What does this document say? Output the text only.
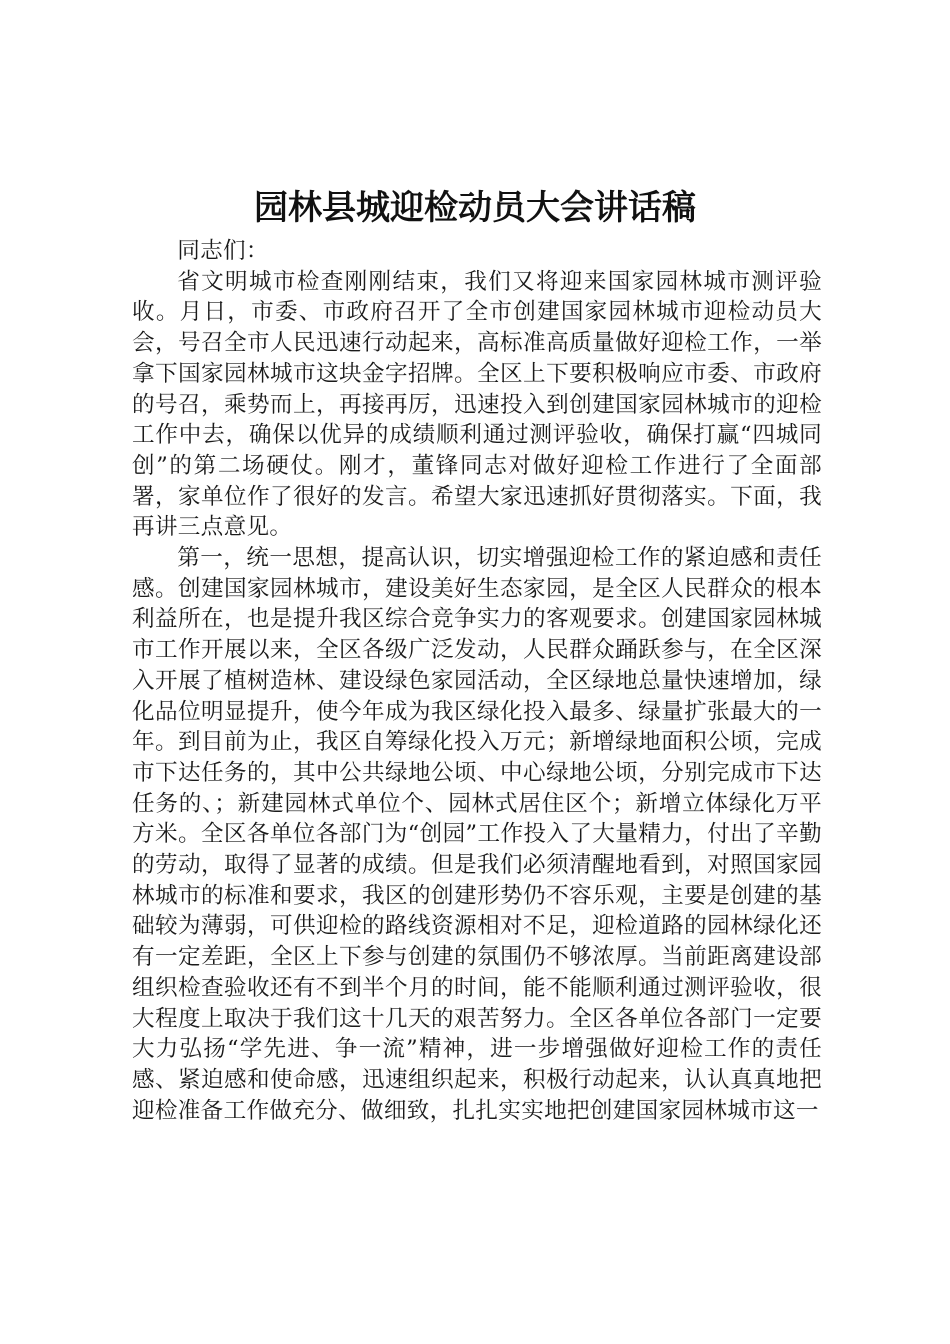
园林县城迎检动员大会讲话稿

同志们：

省文明城市检查刚刚结束，我们又将迎来国家园林城市测评验收。月日，市委、市政府召开了全市创建国家园林城市迎检动员大会，号召全市人民迅速行动起来，高标准高质量做好迎检工作，一举拿下国家园林城市这块金字招牌。全区上下要积极响应市委、市政府的号召，乘势而上，再接再厉，迅速投入到创建国家园林城市的迎检工作中去，确保以优异的成绩顺利通过测评验收，确保打赢“四城同创”的第二场硬仗。刚才，董锋同志对做好迎检工作进行了全面部署，家单位作了很好的发言。希望大家迅速抓好贯彻落实。下面，我再讲三点意见。

第一，统一思想，提高认识，切实增强迎检工作的紧迫感和责任感。创建国家园林城市，建设美好生态家园，是全区人民群众的根本利益所在，也是提升我区综合竞争实力的客观要求。创建国家园林城市工作开展以来，全区各级广泛发动，人民群众踊跃参与，在全区深入开展了植树造林、建设绿色家园活动，全区绿地总量快速增加，绿化品位明显提升，使今年成为我区绿化投入最多、绿量扩张最大的一年。到目前为止，我区自筹绿化投入万元；新增绿地面积公顷，完成市下达任务的，其中公共绿地公顷、中心绿地公顷，分别完成市下达任务的、；新建园林式单位个、园林式居住区个；新增立体绿化万平方米。全区各单位各部门为“创园”工作投入了大量精力，付出了辛勤的劳动，取得了显著的成绩。但是我们必须清醒地看到，对照国家园林城市的标准和要求，我区的创建形势仍不容乐观，主要是创建的基础较为薄弱，可供迎检的路线资源相对不足，迎检道路的园林绿化还有一定差距，全区上下参与创建的氛围仍不够浓厚。当前距离建设部组织检查验收还有不到半个月的时间，能不能顺利通过测评验收，很大程度上取决于我们这十几天的艰苦努力。全区各单位各部门一定要大力弘扬“学先进、争一流”精神，进一步增强做好迎检工作的责任感、紧迫感和使命感，迅速组织起来，积极行动起来，认认真真地把迎检准备工作做充分、做细致，扎扎实实地把创建国家园林城市这一
